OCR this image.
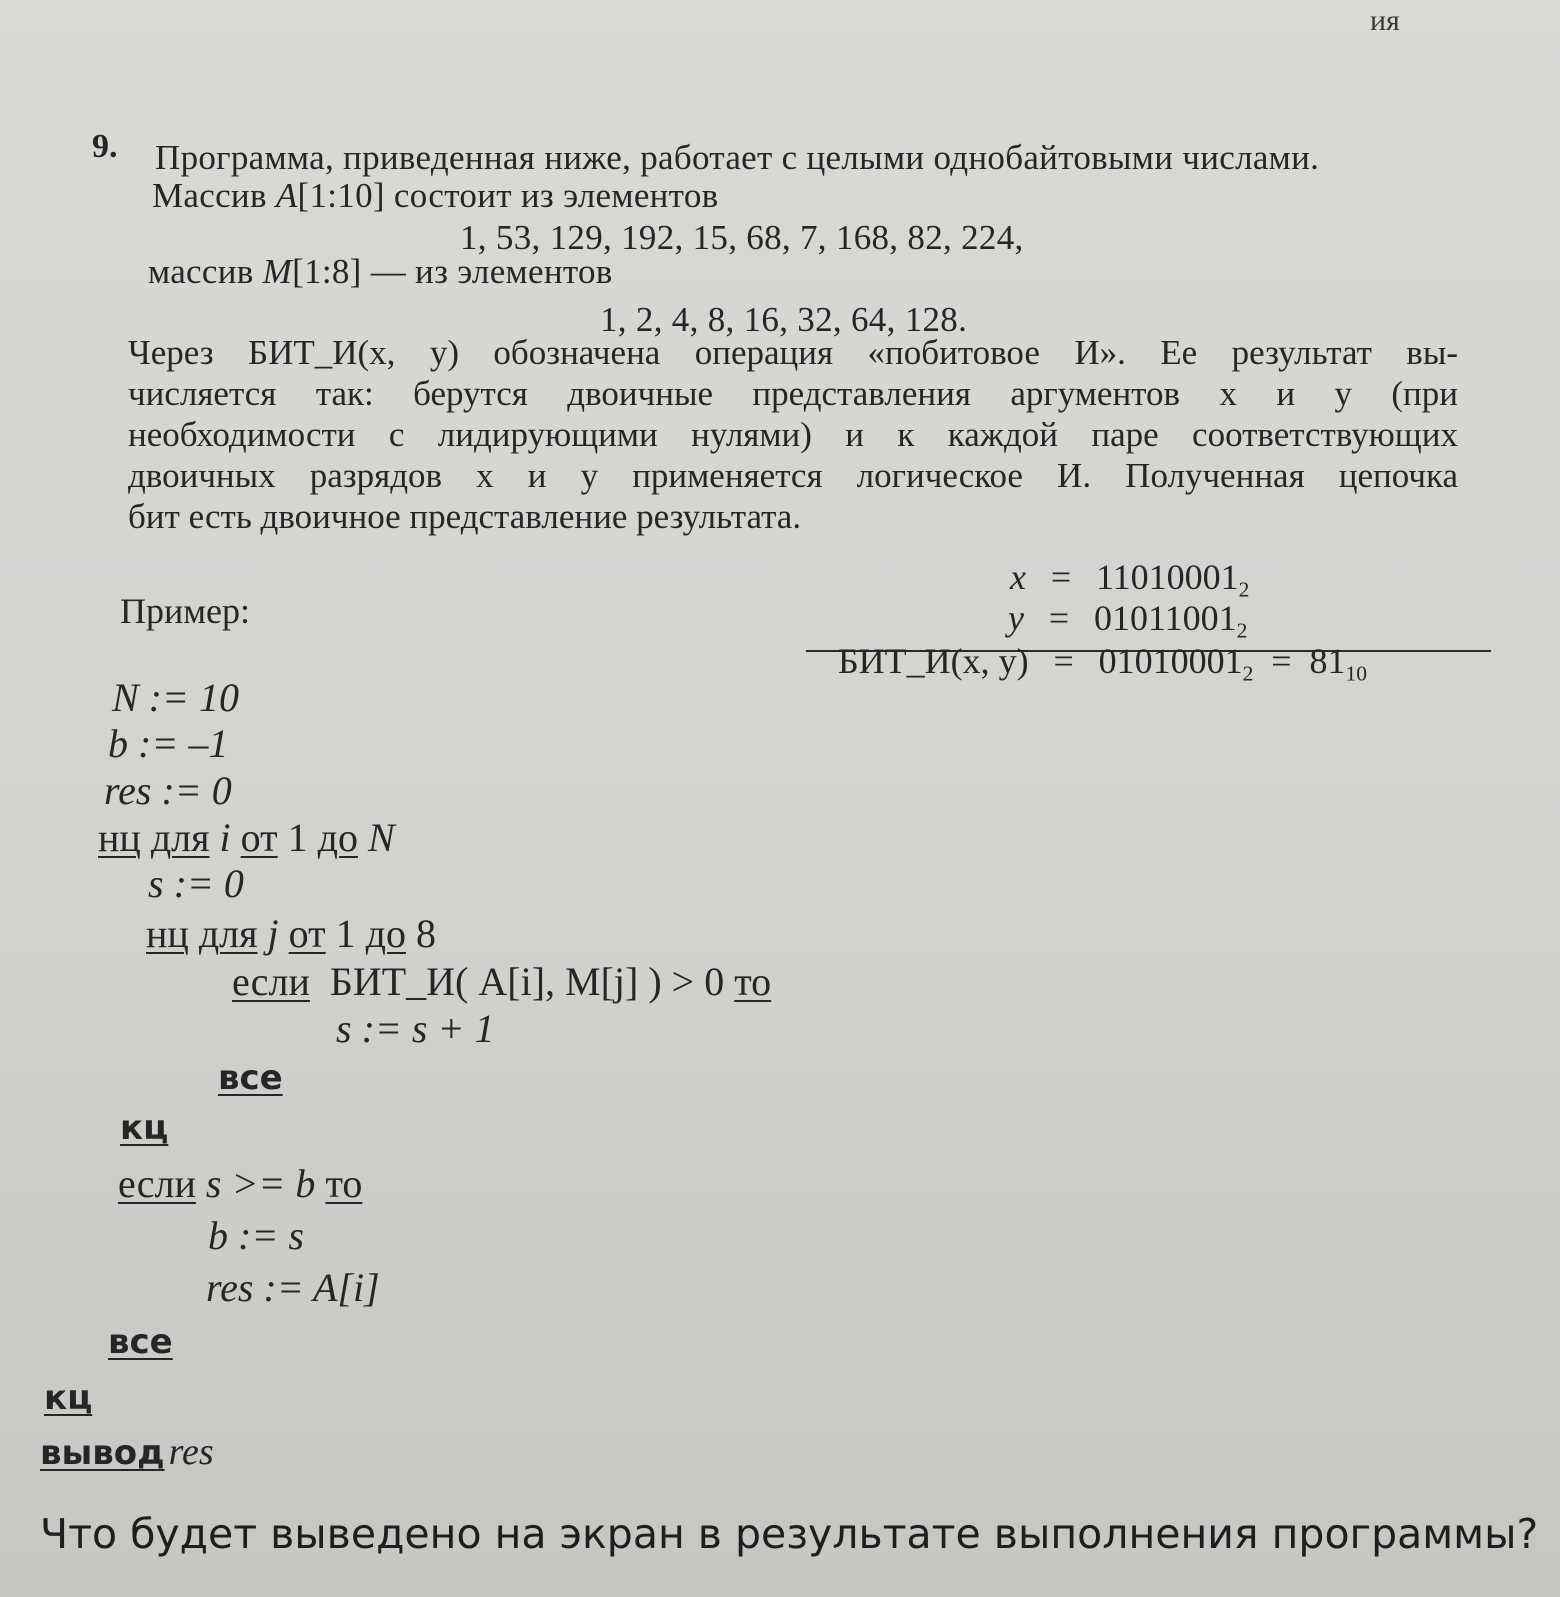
ия
9. Программа, приведенная ниже, работает с целыми однобайтовыми числами.
Массив A[1:10] состоит из элементов
1, 53, 129, 192, 15, 68, 7, 168, 82, 224,
массив M[1:8] — из элементов
1, 2, 4, 8, 16, 32, 64, 128.
Через БИТ_И(x, y) обозначена операция «побитовое И». Ее результат вы-
числяется так: берутся двоичные представления аргументов x и y (при
необходимости с лидирующими нулями) и к каждой паре соответствующих
двоичных разрядов x и y применяется логическое И. Полученная цепочка
бит есть двоичное представление результата.
Пример:
$x = 11010001_2$
$y = 01011001_2$
БИТ_И(x, $y) = 01010001_2 = 81_{10}$
N := 10
b := –1
res := 0
нц для i от 1 до N
s := 0
нц для j от 1 до 8
если БИТ_И( A[i], M[j] ) > 0 то
s := s + 1
все
кц
если s >= b то
b := s
res := A[i]
все
кц
вывод res
Что будет выведено на экран в результате выполнения программы?
